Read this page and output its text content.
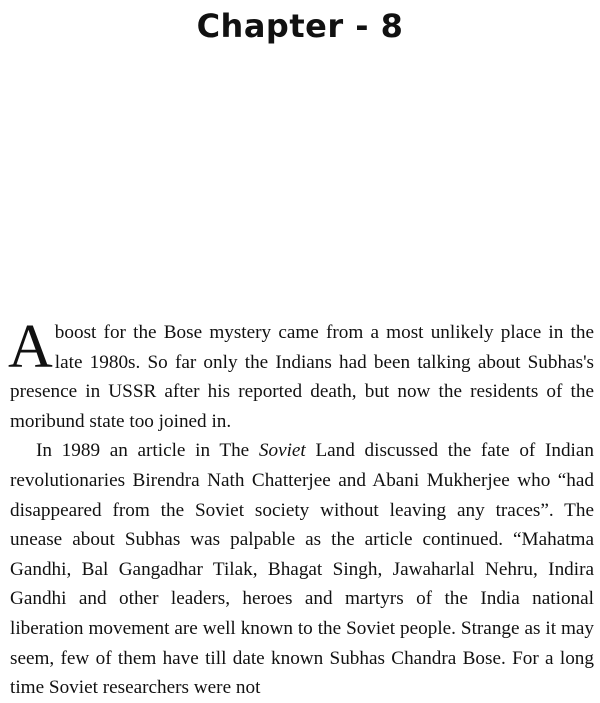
Chapter - 8

A boost for the Bose mystery came from a most unlikely place in the late 1980s. So far only the Indians had been talking about Subhas's presence in USSR after his reported death, but now the residents of the moribund state too joined in.

In 1989 an article in The Soviet Land discussed the fate of Indian revolutionaries Birendra Nath Chatterjee and Abani Mukherjee who “had disappeared from the Soviet society without leaving any traces”. The unease about Subhas was palpable as the article continued. “Mahatma Gandhi, Bal Gangadhar Tilak, Bhagat Singh, Jawaharlal Nehru, Indira Gandhi and other leaders, heroes and martyrs of the India national liberation movement are well known to the Soviet people. Strange as it may seem, few of them have till date known Subhas Chandra Bose. For a long time Soviet researchers were not
